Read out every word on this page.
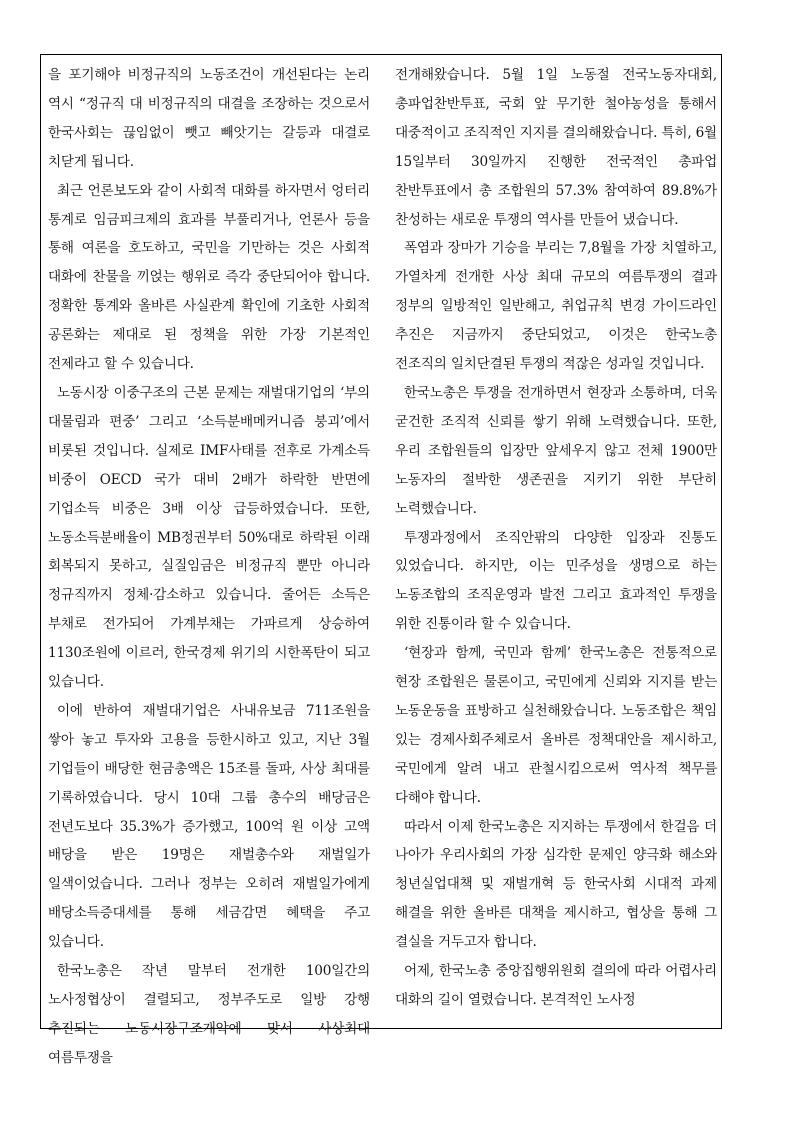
을 포기해야 비정규직의 노동조건이 개선된다는 논리 역시 “정규직 대 비정규직의 대결을 조장하는 것으로서 한국사회는 끊임없이 뺏고 빼앗기는 갈등과 대결로 치닫게 됩니다.

최근 언론보도와 같이 사회적 대화를 하자면서 엉터리 통계로 임금피크제의 효과를 부풀리거나, 언론사 등을 통해 여론을 호도하고, 국민을 기만하는 것은 사회적 대화에 찬물을 끼얹는 행위로 즉각 중단되어야 합니다. 정확한 통계와 올바른 사실관계 확인에 기초한 사회적 공론화는 제대로 된 정책을 위한 가장 기본적인 전제라고 할 수 있습니다.

노동시장 이중구조의 근본 문제는 재벌대기업의 ‘부의 대물림과 편중’ 그리고 ‘소득분배메커니즘 붕괴’에서 비롯된 것입니다. 실제로 IMF사태를 전후로 가계소득 비중이 OECD 국가 대비 2배가 하락한 반면에 기업소득 비중은 3배 이상 급등하였습니다. 또한, 노동소득분배율이 MB정권부터 50%대로 하락된 이래 회복되지 못하고, 실질임금은 비정규직 뿐만 아니라 정규직까지 정체·감소하고 있습니다. 줄어든 소득은 부채로 전가되어 가계부채는 가파르게 상승하여 1130조원에 이르러, 한국경제 위기의 시한폭탄이 되고 있습니다.

이에 반하여 재벌대기업은 사내유보금 711조원을 쌓아 놓고 투자와 고용을 등한시하고 있고, 지난 3월 기업들이 배당한 현금총액은 15조를 돌파, 사상 최대를 기록하였습니다. 당시 10대 그룹 총수의 배당금은 전년도보다 35.3%가 증가했고, 100억 원 이상 고액 배당을 받은 19명은 재벌총수와 재벌일가 일색이었습니다. 그러나 정부는 오히려 재벌일가에게 배당소득증대세를 통해 세금감면 혜택을 주고 있습니다.

한국노총은 작년 말부터 전개한 100일간의 노사정협상이 결렬되고, 정부주도로 일방 강행 추진되는 노동시장구조개악에 맞서 사상최대 여름투쟁을

전개해왔습니다. 5월 1일 노동절 전국노동자대회, 총파업찬반투표, 국회 앞 무기한 철야농성을 통해서 대중적이고 조직적인 지지를 결의해왔습니다. 특히, 6월 15일부터 30일까지 진행한 전국적인 총파업 찬반투표에서 총 조합원의 57.3% 참여하여 89.8%가 찬성하는 새로운 투쟁의 역사를 만들어 냈습니다.

폭염과 장마가 기승을 부리는 7,8월을 가장 치열하고, 가열차게 전개한 사상 최대 규모의 여름투쟁의 결과 정부의 일방적인 일반해고, 취업규칙 변경 가이드라인 추진은 지금까지 중단되었고, 이것은 한국노총 전조직의 일치단결된 투쟁의 적잖은 성과일 것입니다.

한국노총은 투쟁을 전개하면서 현장과 소통하며, 더욱 굳건한 조직적 신뢰를 쌓기 위해 노력했습니다. 또한, 우리 조합원들의 입장만 앞세우지 않고 전체 1900만 노동자의 절박한 생존권을 지키기 위한 부단히 노력했습니다.

투쟁과정에서 조직안팎의 다양한 입장과 진통도 있었습니다. 하지만, 이는 민주성을 생명으로 하는 노동조합의 조직운영과 발전 그리고 효과적인 투쟁을 위한 진통이라 할 수 있습니다.

‘현장과 함께, 국민과 함께’ 한국노총은 전통적으로 현장 조합원은 물론이고, 국민에게 신뢰와 지지를 받는 노동운동을 표방하고 실천해왔습니다. 노동조합은 책임 있는 경제사회주체로서 올바른 정책대안을 제시하고, 국민에게 알려 내고 관철시킴으로써 역사적 책무를 다해야 합니다.

따라서 이제 한국노총은 지지하는 투쟁에서 한걸음 더 나아가 우리사회의 가장 심각한 문제인 양극화 해소와 청년실업대책 및 재벌개혁 등 한국사회 시대적 과제 해결을 위한 올바른 대책을 제시하고, 협상을 통해 그 결실을 거두고자 합니다.

어제, 한국노총 중앙집행위원회 결의에 따라 어렵사리 대화의 길이 열렸습니다. 본격적인 노사정
